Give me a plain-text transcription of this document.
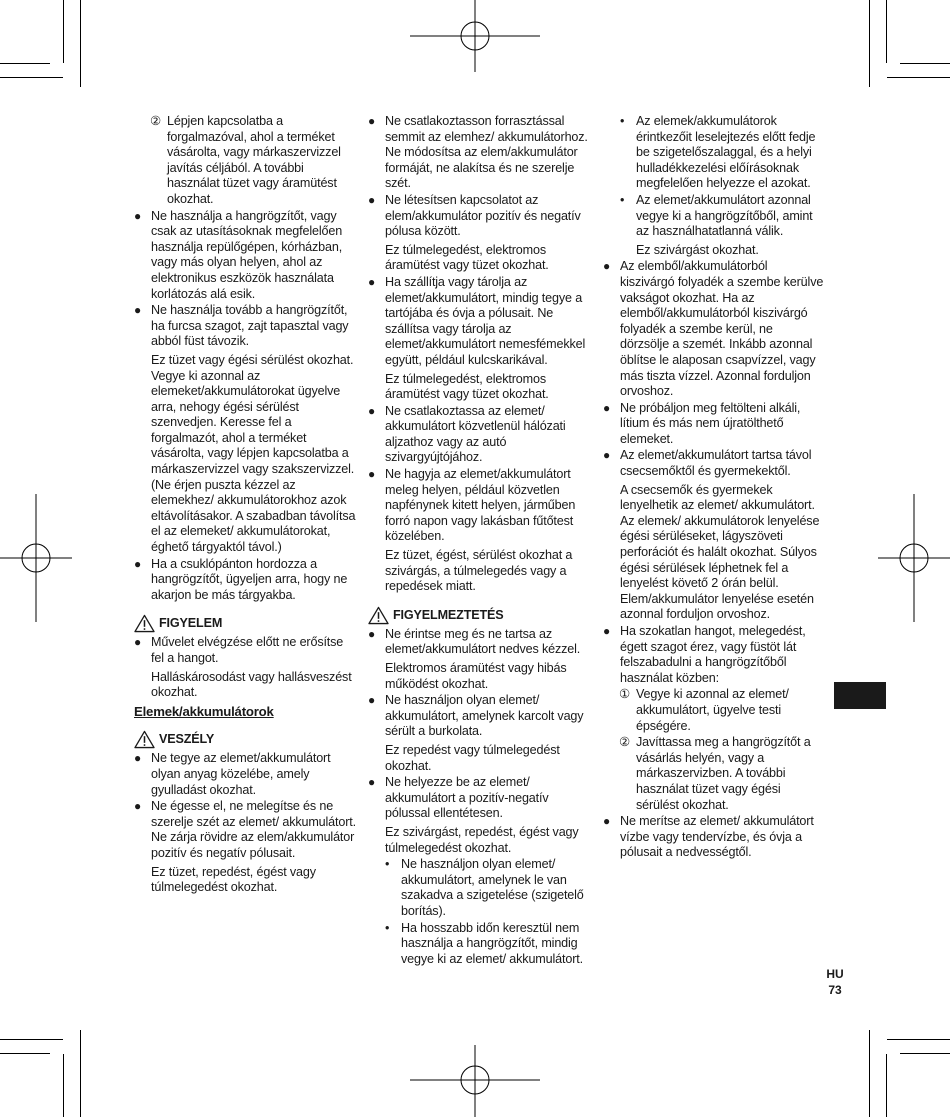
② Lépjen kapcsolatba a forgalmazóval, ahol a terméket vásárolta, vagy márkaszervizzel javítás céljából. A további használat tüzet vagy áramütést okozhat.
● Ne használja a hangrögzítőt, vagy csak az utasításoknak megfelelően használja repülőgépen, kórházban, vagy más olyan helyen, ahol az elektronikus eszközök használata korlátozás alá esik.
● Ne használja tovább a hangrögzítőt, ha furcsa szagot, zajt tapasztal vagy abból füst távozik.
Ez tüzet vagy égési sérülést okozhat. Vegye ki azonnal az elemeket/akkumulátorokat ügyelve arra, nehogy égési sérülést szenvedjen. Keresse fel a forgalmazót, ahol a terméket vásárolta, vagy lépjen kapcsolatba a márkaszervizzel vagy szakszervizzel. (Ne érjen puszta kézzel az elemekhez/ akkumulátorokhoz azok eltávolításakor. A szabadban távolítsa el az elemeket/ akkumulátorokat, éghető tárgyaktól távol.)
● Ha a csuklópánton hordozza a hangrögzítőt, ügyeljen arra, hogy ne akarjon be más tárgyakba.
FIGYELEM
● Művelet elvégzése előtt ne erősítse fel a hangot.
Halláskárosodást vagy hallásveszést okozhat.
Elemek/akkumulátorok
VESZÉLY
● Ne tegye az elemet/akkumulátort olyan anyag közelébe, amely gyulladást okozhat.
● Ne égesse el, ne melegítse és ne szerelje szét az elemet/ akkumulátort. Ne zárja rövidre az elem/akkumulátor pozitív és negatív pólusait.
Ez tüzet, repedést, égést vagy túlmelegedést okozhat.
● Ne csatlakoztasson forrasztással semmit az elemhez/ akkumulátorhoz. Ne módosítsa az elem/akkumulátor formáját, ne alakítsa és ne szerelje szét.
● Ne létesítsen kapcsolatot az elem/akkumulátor pozitív és negatív pólusa között.
Ez túlmelegedést, elektromos áramütést vagy tüzet okozhat.
● Ha szállítja vagy tárolja az elemet/akkumulátort, mindig tegye a tartójába és óvja a pólusait. Ne szállítsa vagy tárolja az elemet/akkumulátort nemesfémekkel együtt, például kulcskarikával.
Ez túlmelegedést, elektromos áramütést vagy tüzet okozhat.
● Ne csatlakoztassa az elemet/ akkumulátort közvetlenül hálózati aljzathoz vagy az autó szivargyújtójához.
● Ne hagyja az elemet/akkumulátort meleg helyen, például közvetlen napfénynek kitett helyen, járműben forró napon vagy lakásban fűtőtest közelében.
Ez tüzet, égést, sérülést okozhat a szivárgás, a túlmelegedés vagy a repedések miatt.
FIGYELMEZTETÉS
● Ne érintse meg és ne tartsa az elemet/akkumulátort nedves kézzel.
Elektromos áramütést vagy hibás működést okozhat.
● Ne használjon olyan elemet/ akkumulátort, amelynek karcolt vagy sérült a burkolata.
Ez repedést vagy túlmelegedést okozhat.
● Ne helyezze be az elemet/ akkumulátort a pozitív-negatív pólussal ellentétesen.
Ez szivárgást, repedést, égést vagy túlmelegedést okozhat.
• Ne használjon olyan elemet/ akkumulátort, amelynek le van szakadva a szigetelése (szigetelő borítás).
• Ha hosszabb időn keresztül nem használja a hangrögzítőt, mindig vegye ki az elemet/ akkumulátort.
• Az elemek/akkumulátorok érintkezőit leselejtezés előtt fedje be szigetelőszalaggal, és a helyi hulladékkezelési előírásoknak megfelelően helyezze el azokat.
• Az elemet/akkumulátort azonnal vegye ki a hangrögzítőből, amint az használhatatlanná válik.
Ez szivárgást okozhat.
● Az elemből/akkumulátorból kiszivárgó folyadék a szembe kerülve vakságot okozhat. Ha az elemből/akkumulátorból kiszivárgó folyadék a szembe kerül, ne dörzsölje a szemét. Inkább azonnal öblítse le alaposan csapvízzel, vagy más tiszta vízzel. Azonnal forduljon orvoshoz.
● Ne próbáljon meg feltölteni alkáli, lítium és más nem újratölthető elemeket.
● Az elemet/akkumulátort tartsa távol csecsemőktől és gyermekektől.
A csecsemők és gyermekek lenyelhetik az elemet/ akkumulátort. Az elemek/ akkumulátorok lenyelése égési sérüléseket, lágyszöveti perforációt és halált okozhat. Súlyos égési sérülések léphetnek fel a lenyelést követő 2 órán belül. Elem/akkumulátor lenyelése esetén azonnal forduljon orvoshoz.
● Ha szokatlan hangot, melegedést, égett szagot érez, vagy füstöt lát felszabadulni a hangrögzítőből használat közben:
① Vegye ki azonnal az elemet/ akkumulátort, ügyelve testi épségére.
② Javíttassa meg a hangrögzítőt a vásárlás helyén, vagy a márkaszervizben. A további használat tüzet vagy égési sérülést okozhat.
● Ne merítse az elemet/ akkumulátort vízbe vagy tendervízbe, és óvja a pólusait a nedvességtől.
HU
73
